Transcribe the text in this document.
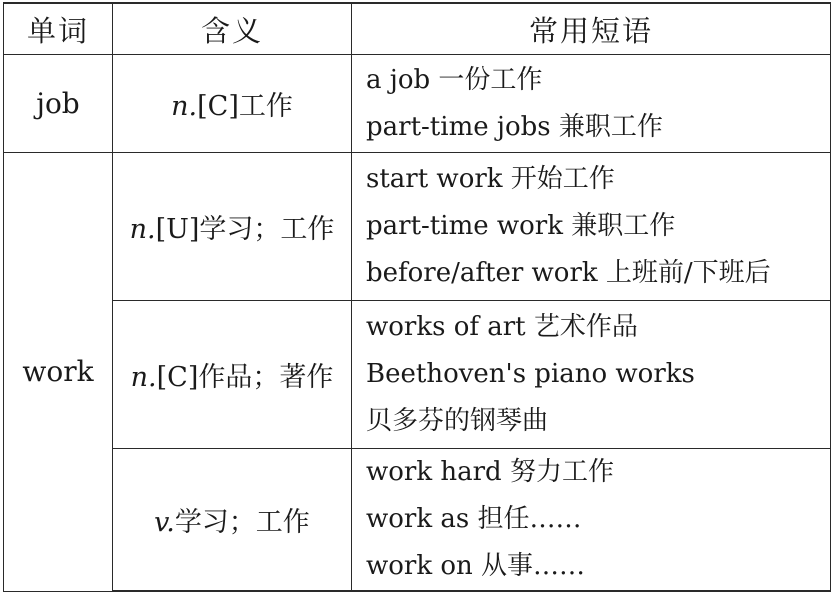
单词	含义	常用短语
job	n.[C]工作	a job 一份工作
part-time jobs 兼职工作

work	n.[U]学习；工作	start work 开始工作
part-time work 兼职工作
before/after work 上班前/下班后

	n.[C]作品；著作	works of art 艺术作品
Beethoven's piano works
贝多芬的钢琴曲

	v.学习；工作	work hard 努力工作
work as 担任……
work on 从事……
